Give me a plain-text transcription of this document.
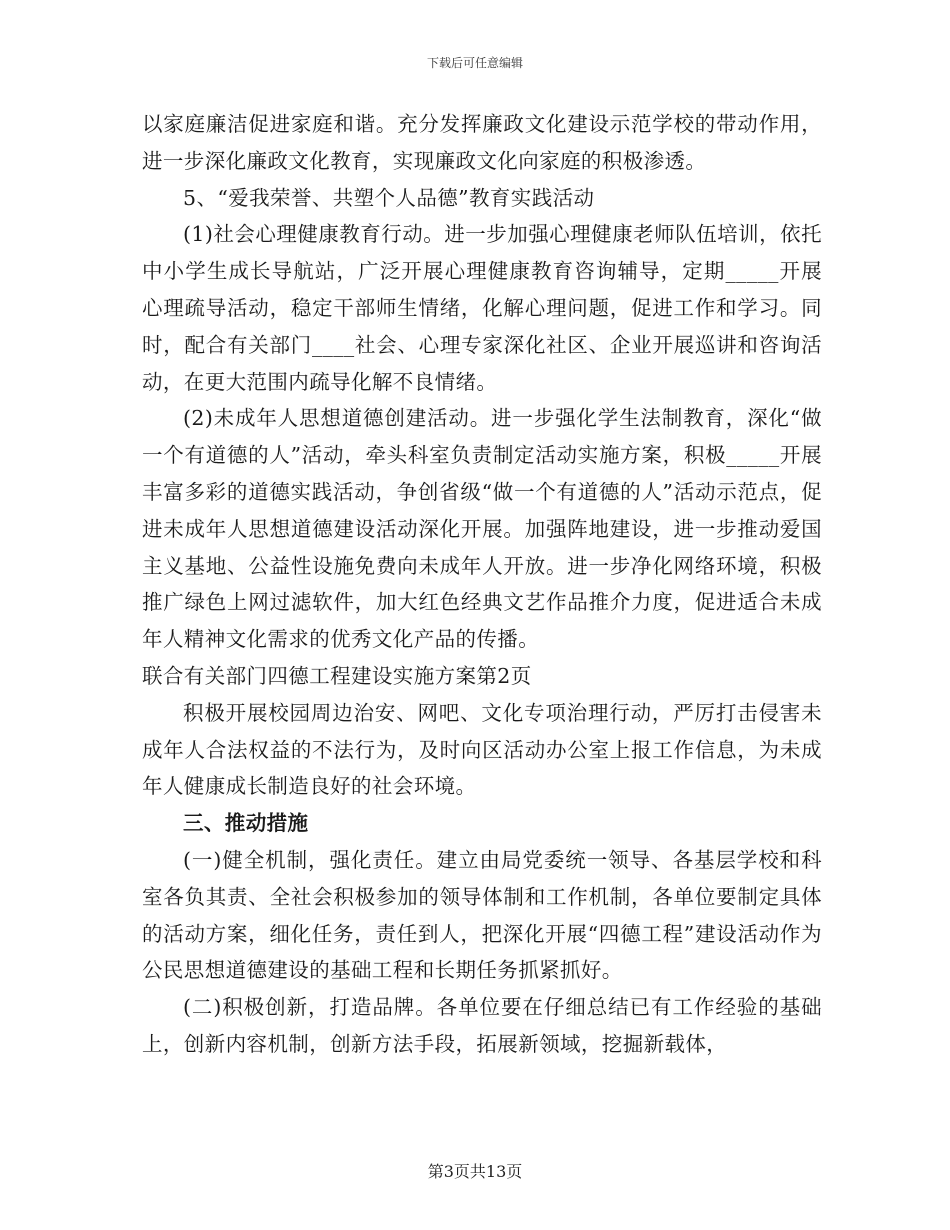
下载后可任意编辑

以家庭廉洁促进家庭和谐。充分发挥廉政文化建设示范学校的带动作用，进一步深化廉政文化教育，实现廉政文化向家庭的积极渗透。

5、“爱我荣誉、共塑个人品德”教育实践活动

(1)社会心理健康教育行动。进一步加强心理健康老师队伍培训，依托中小学生成长导航站，广泛开展心理健康教育咨询辅导，定期_____开展心理疏导活动，稳定干部师生情绪，化解心理问题，促进工作和学习。同时，配合有关部门____社会、心理专家深化社区、企业开展巡讲和咨询活动，在更大范围内疏导化解不良情绪。

(2)未成年人思想道德创建活动。进一步强化学生法制教育，深化“做一个有道德的人”活动，牵头科室负责制定活动实施方案，积极_____开展丰富多彩的道德实践活动，争创省级“做一个有道德的人”活动示范点，促进未成年人思想道德建设活动深化开展。加强阵地建设，进一步推动爱国主义基地、公益性设施免费向未成年人开放。进一步净化网络环境，积极推广绿色上网过滤软件，加大红色经典文艺作品推介力度，促进适合未成年人精神文化需求的优秀文化产品的传播。

联合有关部门四德工程建设实施方案第2页

积极开展校园周边治安、网吧、文化专项治理行动，严厉打击侵害未成年人合法权益的不法行为，及时向区活动办公室上报工作信息，为未成年人健康成长制造良好的社会环境。

三、推动措施

(一)健全机制，强化责任。建立由局党委统一领导、各基层学校和科室各负其责、全社会积极参加的领导体制和工作机制，各单位要制定具体的活动方案，细化任务，责任到人，把深化开展“四德工程”建设活动作为公民思想道德建设的基础工程和长期任务抓紧抓好。

(二)积极创新，打造品牌。各单位要在仔细总结已有工作经验的基础上，创新内容机制，创新方法手段，拓展新领域，挖掘新载体，

第3页共13页
